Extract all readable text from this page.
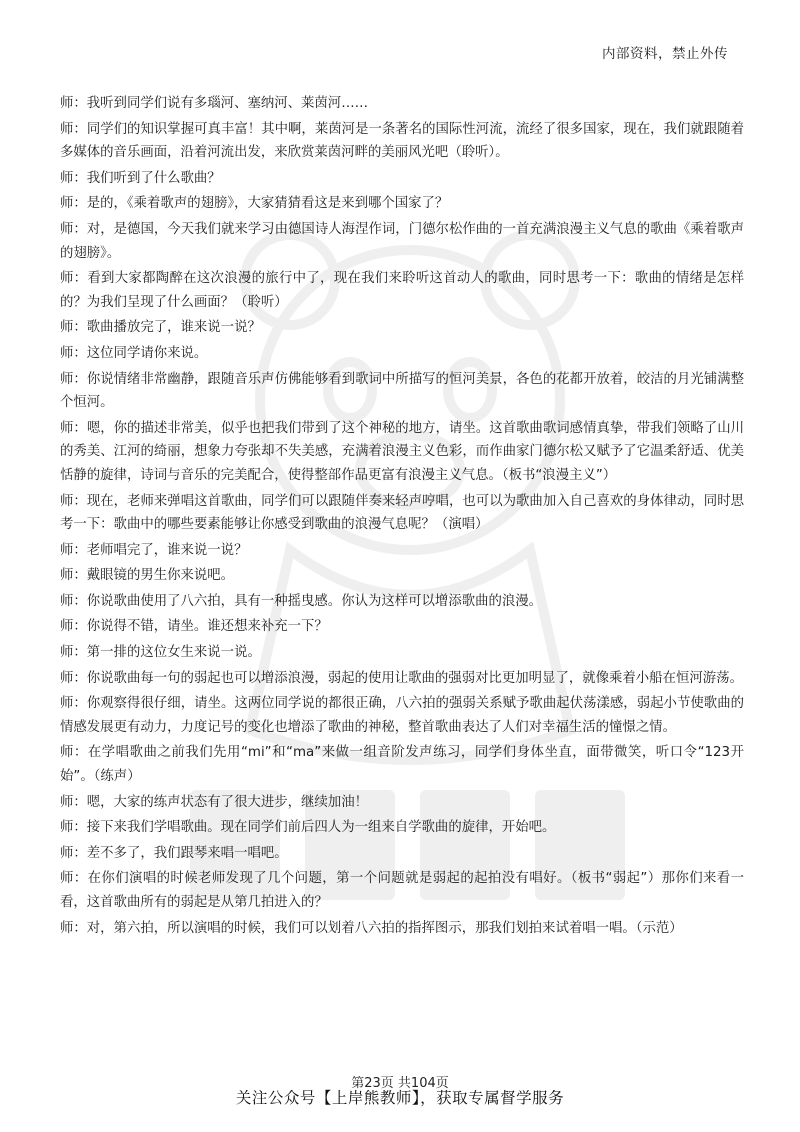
内部资料，禁止外传

师：我听到同学们说有多瑙河、塞纳河、莱茵河……

师：同学们的知识掌握可真丰富！其中啊，莱茵河是一条著名的国际性河流，流经了很多国家，现在，我们就跟随着多媒体的音乐画面，沿着河流出发，来欣赏莱茵河畔的美丽风光吧（聆听）。

师：我们听到了什么歌曲？

师：是的，《乘着歌声的翅膀》，大家猜猜看这是来到哪个国家了？

师：对，是德国，今天我们就来学习由德国诗人海涅作词，门德尔松作曲的一首充满浪漫主义气息的歌曲《乘着歌声的翅膀》。

师：看到大家都陶醉在这次浪漫的旅行中了，现在我们来聆听这首动人的歌曲，同时思考一下：歌曲的情绪是怎样的？为我们呈现了什么画面？（聆听）

师：歌曲播放完了，谁来说一说？

师：这位同学请你来说。

师：你说情绪非常幽静，跟随音乐声仿佛能够看到歌词中所描写的恒河美景，各色的花都开放着，皎洁的月光铺满整个恒河。

师：嗯，你的描述非常美，似乎也把我们带到了这个神秘的地方，请坐。这首歌曲歌词感情真挚，带我们领略了山川的秀美、江河的绮丽，想象力夸张却不失美感，充满着浪漫主义色彩，而作曲家门德尔松又赋予了它温柔舒适、优美恬静的旋律，诗词与音乐的完美配合，使得整部作品更富有浪漫主义气息。（板书“浪漫主义”）

师：现在，老师来弹唱这首歌曲，同学们可以跟随伴奏来轻声哼唱，也可以为歌曲加入自己喜欢的身体律动，同时思考一下：歌曲中的哪些要素能够让你感受到歌曲的浪漫气息呢？（演唱）

师：老师唱完了，谁来说一说？

师：戴眼镜的男生你来说吧。

师：你说歌曲使用了八六拍，具有一种摇曳感。你认为这样可以增添歌曲的浪漫。

师：你说得不错，请坐。谁还想来补充一下？

师：第一排的这位女生来说一说。

师：你说歌曲每一句的弱起也可以增添浪漫，弱起的使用让歌曲的强弱对比更加明显了，就像乘着小船在恒河游荡。

师：你观察得很仔细，请坐。这两位同学说的都很正确，八六拍的强弱关系赋予歌曲起伏荡漾感，弱起小节使歌曲的情感发展更有动力，力度记号的变化也增添了歌曲的神秘，整首歌曲表达了人们对幸福生活的憧憬之情。

师：在学唱歌曲之前我们先用“mi”和“ma”来做一组音阶发声练习，同学们身体坐直，面带微笑，听口令“123开始”。（练声）

师：嗯，大家的练声状态有了很大进步，继续加油！

师：接下来我们学唱歌曲。现在同学们前后四人为一组来自学歌曲的旋律，开始吧。

师：差不多了，我们跟琴来唱一唱吧。

师：在你们演唱的时候老师发现了几个问题，第一个问题就是弱起的起拍没有唱好。（板书“弱起”）那你们来看一看，这首歌曲所有的弱起是从第几拍进入的？

师：对，第六拍，所以演唱的时候，我们可以划着八六拍的指挥图示，那我们划拍来试着唱一唱。（示范）

第23页 共104页
关注公众号【上岸熊教师】，获取专属督学服务
